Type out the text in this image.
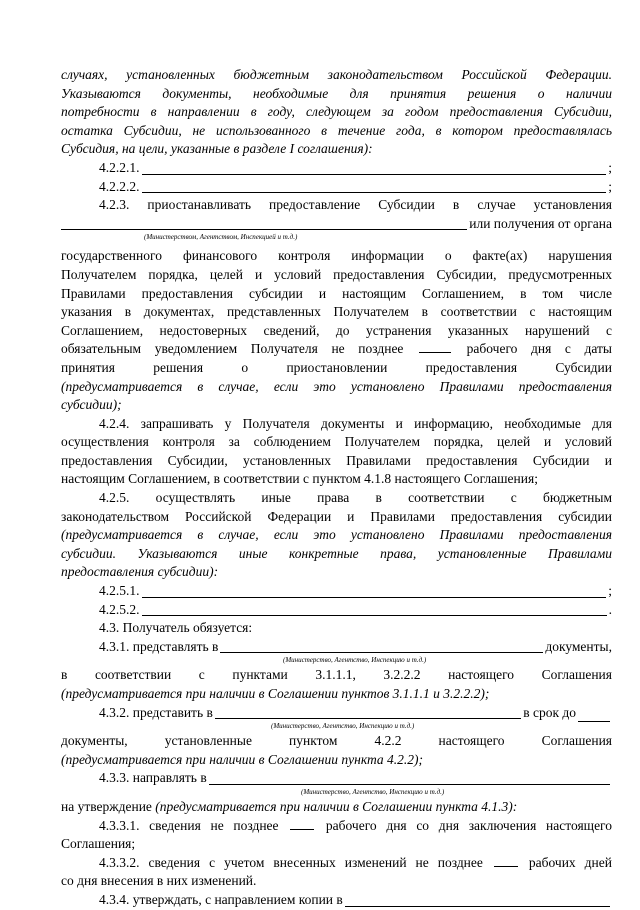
случаях, установленных бюджетным законодательством Российской Федерации.
Указываются документы, необходимые для принятия решения о наличии
потребности в направлении в году, следующем за годом предоставления Субсидии,
остатка Субсидии, не использованного в течение года, в котором предоставлялась
Субсидия, на цели, указанные в разделе I соглашения):
4.2.2.1.	;
4.2.2.2.	;
4.2.3. приостанавливать предоставление Субсидии в случае установления
или получения от органа
(Министерством, Агентством, Инспекцией и т.д.)
государственного финансового контроля информации о факте(ах) нарушения
Получателем порядка, целей и условий предоставления Субсидии, предусмотренных
Правилами предоставления субсидии и настоящим Соглашением, в том числе
указания в документах, представленных Получателем в соответствии с настоящим
Соглашением, недостоверных сведений, до устранения указанных нарушений с
обязательным уведомлением Получателя не позднее	рабочего дня с даты
принятия решения о приостановлении предоставления Субсидии
(предусматривается в случае, если это установлено Правилами предоставления
субсидии);
4.2.4. запрашивать у Получателя документы и информацию, необходимые для
осуществления контроля за соблюдением Получателем порядка, целей и условий
предоставления Субсидии, установленных Правилами предоставления Субсидии и
настоящим Соглашением, в соответствии с пунктом 4.1.8 настоящего Соглашения;
4.2.5. осуществлять иные права в соответствии с бюджетным
законодательством Российской Федерации и Правилами предоставления субсидии
(предусматривается в случае, если это установлено Правилами предоставления
субсидии. Указываются иные конкретные права, установленные Правилами
предоставления субсидии):
4.2.5.1.	;
4.2.5.2.	.
4.3. Получатель обязуется:
4.3.1. представлять в	документы,
(Министерство, Агентство, Инспекцию и т.д.)
в соответствии с пунктами 3.1.1.1, 3.2.2.2 настоящего Соглашения
(предусматривается при наличии в Соглашении пунктов 3.1.1.1 и 3.2.2.2);
4.3.2. представить в	в срок до
(Министерство, Агентство, Инспекцию и т.д.)
документы, установленные пунктом 4.2.2 настоящего Соглашения
(предусматривается при наличии в Соглашении пункта 4.2.2);
4.3.3. направлять в
(Министерство, Агентство, Инспекцию и т.д.)
на утверждение (предусматривается при наличии в Соглашении пункта 4.1.3):
4.3.3.1. сведения не позднее	рабочего дня со дня заключения настоящего
Соглашения;
4.3.3.2. сведения с учетом внесенных изменений не позднее	рабочих дней
со дня внесения в них изменений.
4.3.4. утверждать, с направлением копии в
